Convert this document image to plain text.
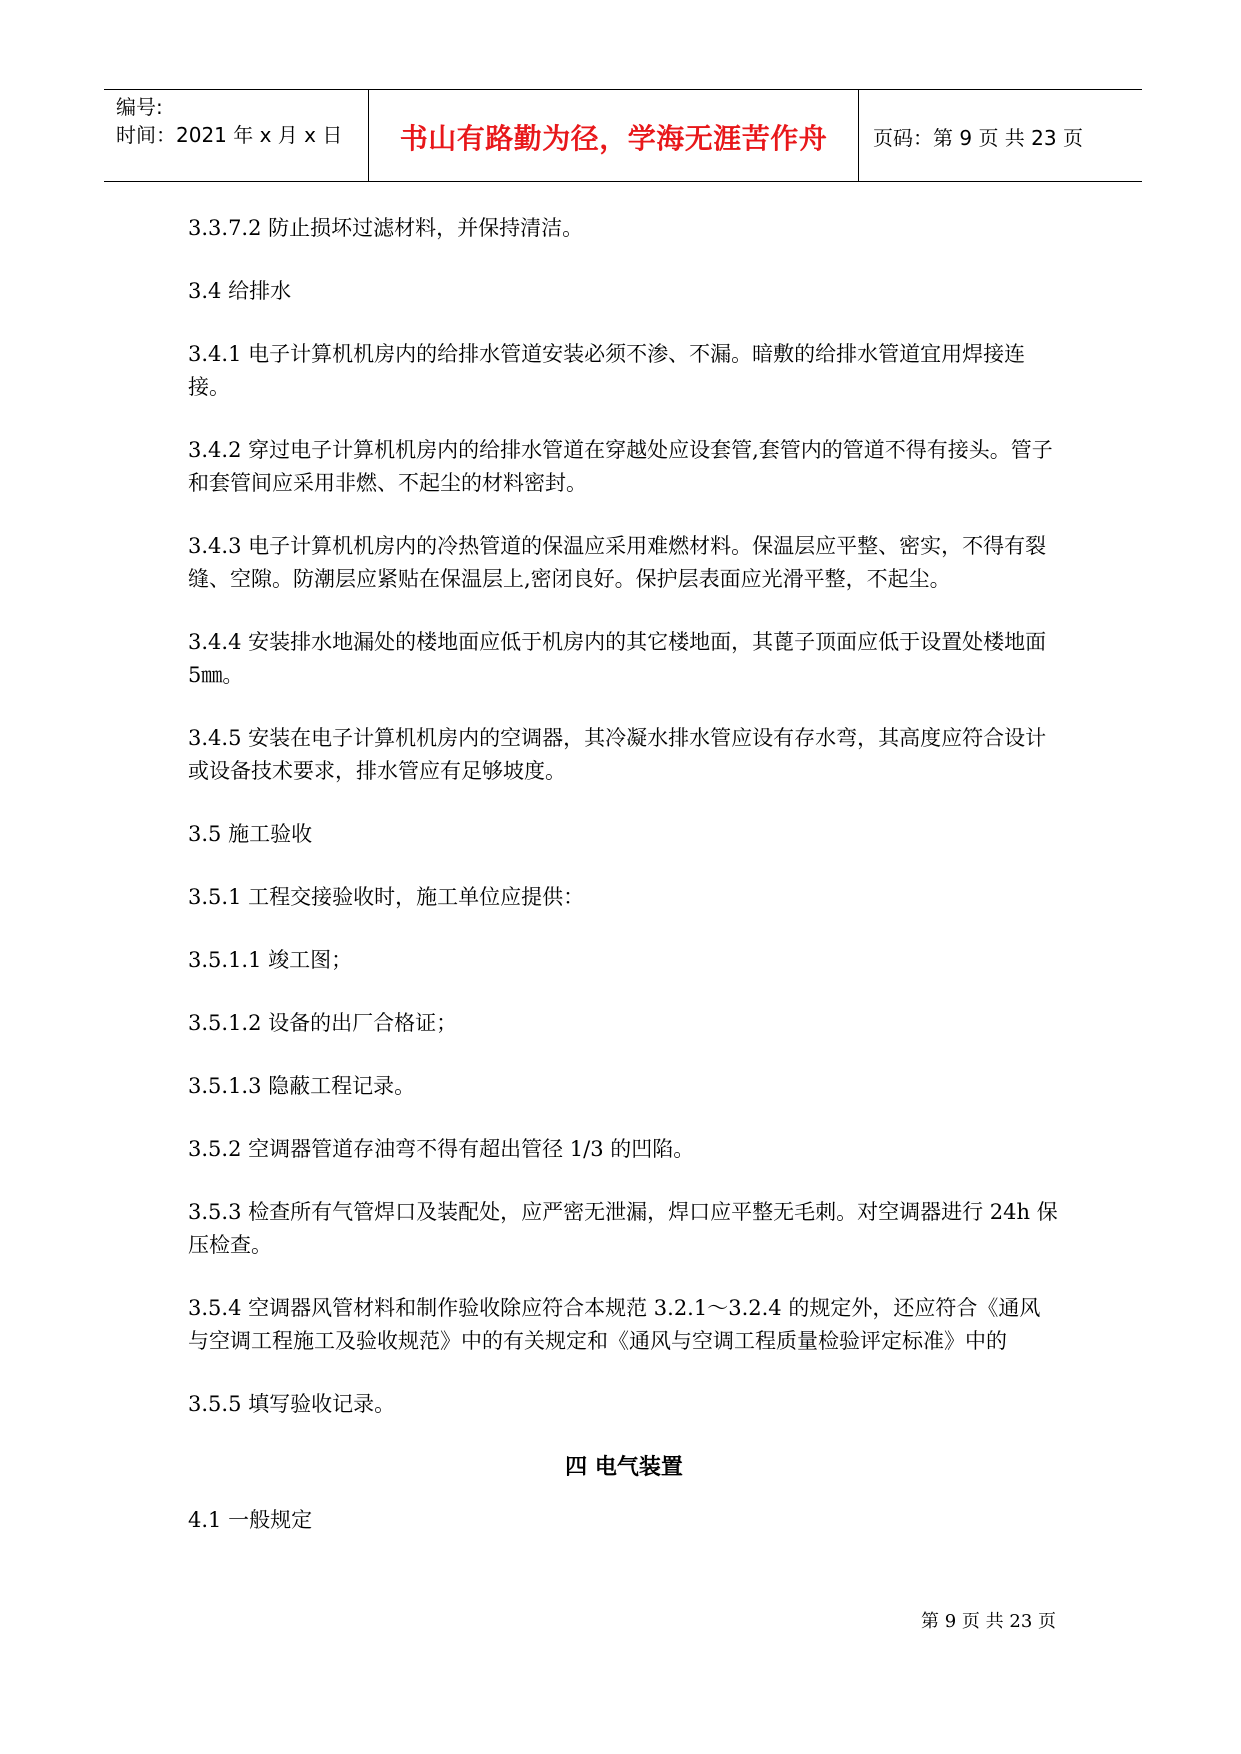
编号:
时间：2021 年 x 月 x 日	书山有路勤为径，学海无涯苦作舟	页码：第 9 页 共 23 页

3.3.7.2 防止损坏过滤材料，并保持清洁。

3.4 给排水

3.4.1 电子计算机机房内的给排水管道安装必须不渗、不漏。暗敷的给排水管道宜用焊接连接。

3.4.2 穿过电子计算机机房内的给排水管道在穿越处应设套管,套管内的管道不得有接头。管子和套管间应采用非燃、不起尘的材料密封。

3.4.3 电子计算机机房内的冷热管道的保温应采用难燃材料。保温层应平整、密实，不得有裂缝、空隙。防潮层应紧贴在保温层上,密闭良好。保护层表面应光滑平整，不起尘。

3.4.4 安装排水地漏处的楼地面应低于机房内的其它楼地面，其蓖子顶面应低于设置处楼地面 5㎜。

3.4.5 安装在电子计算机机房内的空调器，其冷凝水排水管应设有存水弯，其高度应符合设计或设备技术要求，排水管应有足够坡度。

3.5 施工验收

3.5.1 工程交接验收时，施工单位应提供：

3.5.1.1 竣工图；

3.5.1.2 设备的出厂合格证；

3.5.1.3 隐蔽工程记录。

3.5.2 空调器管道存油弯不得有超出管径 1/3 的凹陷。

3.5.3 检查所有气管焊口及装配处，应严密无泄漏，焊口应平整无毛刺。对空调器进行 24h 保压检查。

3.5.4 空调器风管材料和制作验收除应符合本规范 3.2.1～3.2.4 的规定外，还应符合《通风与空调工程施工及验收规范》中的有关规定和《通风与空调工程质量检验评定标准》中的

3.5.5 填写验收记录。

四 电气装置

4.1 一般规定

第 9 页 共 23 页
